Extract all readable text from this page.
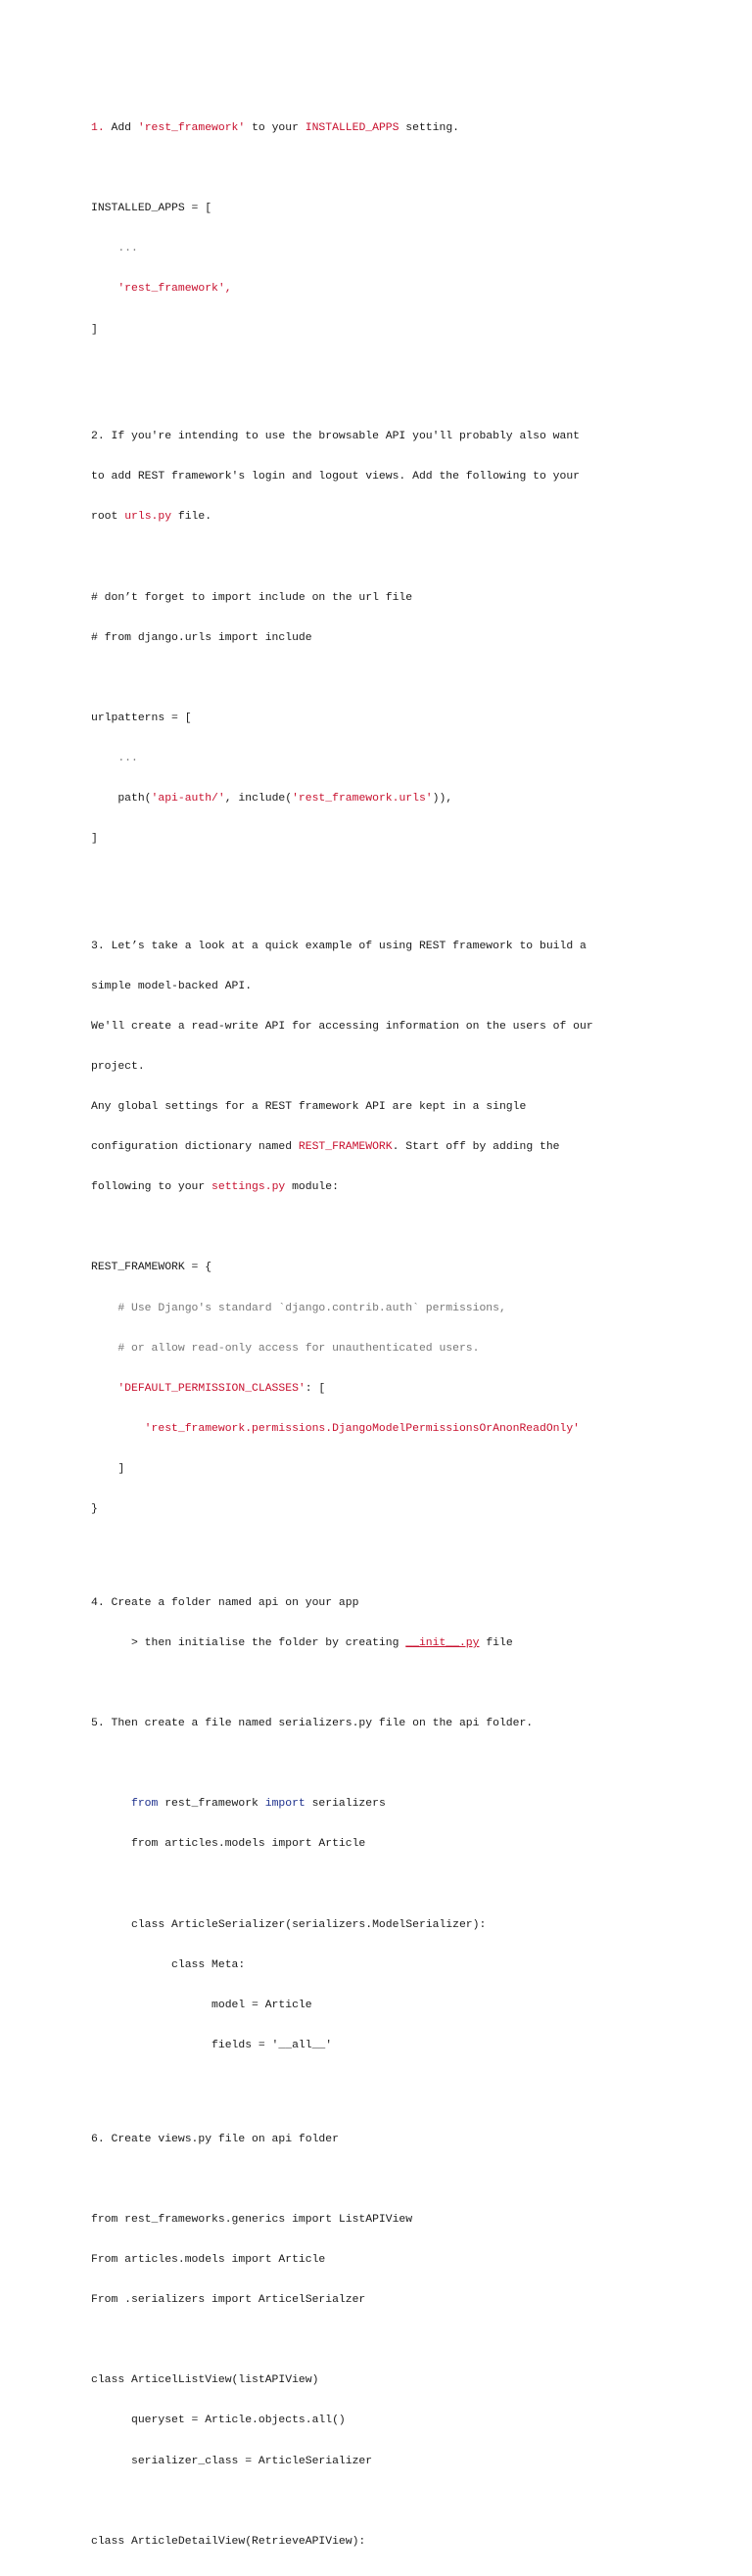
1. Add 'rest_framework' to your INSTALLED_APPS setting.

INSTALLED_APPS = [

...

'rest_framework',

]

2. If you're intending to use the browsable API you'll probably also want

to add REST framework's login and logout views. Add the following to your

root urls.py file.

# don’t forget to import include on the url file

# from django.urls import include

urlpatterns = [

...

path('api-auth/', include('rest_framework.urls')),

]

3. Let’s take a look at a quick example of using REST framework to build a

simple model-backed API.

We'll create a read-write API for accessing information on the users of our

project.

Any global settings for a REST framework API are kept in a single

configuration dictionary named REST_FRAMEWORK. Start off by adding the

following to your settings.py module:

REST_FRAMEWORK = {

# Use Django's standard `django.contrib.auth` permissions,

# or allow read-only access for unauthenticated users.

'DEFAULT_PERMISSION_CLASSES': [

'rest_framework.permissions.DjangoModelPermissionsOrAnonReadOnly'

]

}

4. Create a folder named api on your app

> then initialise the folder by creating __init__.py file

5. Then create a file named serializers.py file on the api folder.

from rest_framework import serializers

from articles.models import Article

class ArticleSerializer(serializers.ModelSerializer):

class Meta:

model = Article

fields = '__all__'

6. Create views.py file on api folder

from rest_frameworks.generics import ListAPIView

From articles.models import Article

From .serializers import ArticelSerialzer

class ArticelListView(listAPIView)

queryset = Article.objects.all()

serializer_class = ArticleSerializer

class ArticleDetailView(RetrieveAPIView):
